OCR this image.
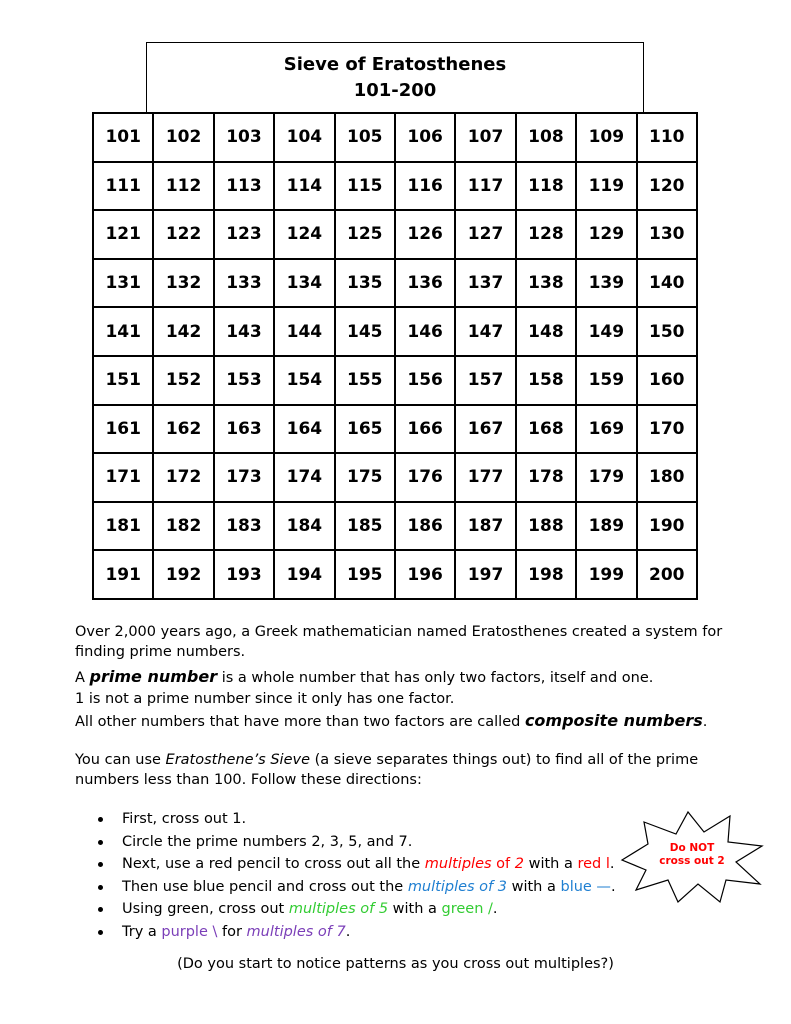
Sieve of Eratosthenes
101-200
101	102	103	104	105	106	107	108	109	110
111	112	113	114	115	116	117	118	119	120
121	122	123	124	125	126	127	128	129	130
131	132	133	134	135	136	137	138	139	140
141	142	143	144	145	146	147	148	149	150
151	152	153	154	155	156	157	158	159	160
161	162	163	164	165	166	167	168	169	170
171	172	173	174	175	176	177	178	179	180
181	182	183	184	185	186	187	188	189	190
191	192	193	194	195	196	197	198	199	200
Over 2,000 years ago, a Greek mathematician named Eratosthenes created a system for finding prime numbers.
A prime number is a whole number that has only two factors, itself and one.
1 is not a prime number since it only has one factor.
All other numbers that have more than two factors are called composite numbers.
You can use Eratosthene’s Sieve (a sieve separates things out) to find all of the prime numbers less than 100. Follow these directions:
First, cross out 1.
Circle the prime numbers 2, 3, 5, and 7.
Next, use a red pencil to cross out all the multiples of 2 with a red l.
Then use blue pencil and cross out the multiples of 3 with a blue —.
Using green, cross out multiples of 5 with a green /.
Try a purple \ for multiples of 7.
Do NOT
cross out 2
(Do you start to notice patterns as you cross out multiples?)
